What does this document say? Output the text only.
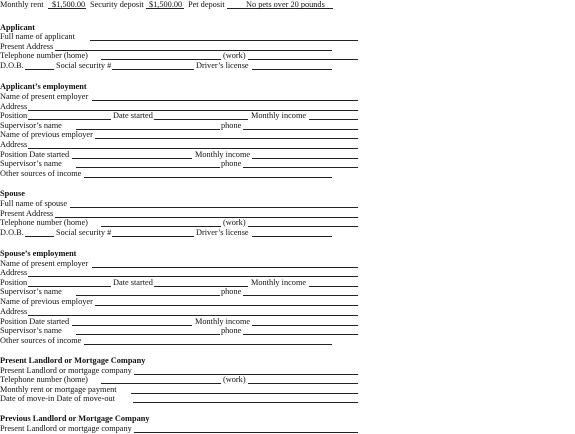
Monthly rent $1,500.00 Security deposit $1,500.00 Pet deposit	No pets over 20 pounds
Applicant
Full name of applicant
Present Address
Telephone number (home)	(work)
D.O.B.	Social security #	Driver’s license
Applicant’s employment
Name of present employer
Address
Position	Date started	Monthly income
Supervisor’s name	phone
Name of previous employer
Address
Position Date started	Monthly income
Supervisor’s name	phone
Other sources of income
Spouse
Full name of spouse
Present Address
Telephone number (home)	(work)
D.O.B.	Social security #	Driver’s license
Spouse’s employment
Name of present employer
Address
Position	Date started	Monthly income
Supervisor’s name	phone
Name of previous employer
Address
Position Date started	Monthly income
Supervisor’s name	phone
Other sources of income
Present Landlord or Mortgage Company
Present Landlord or mortgage company
Telephone number (home)	(work)
Monthly rent or mortgage payment
Date of move-in Date of move-out
Previous Landlord or Mortgage Company
Present Landlord or mortgage company
